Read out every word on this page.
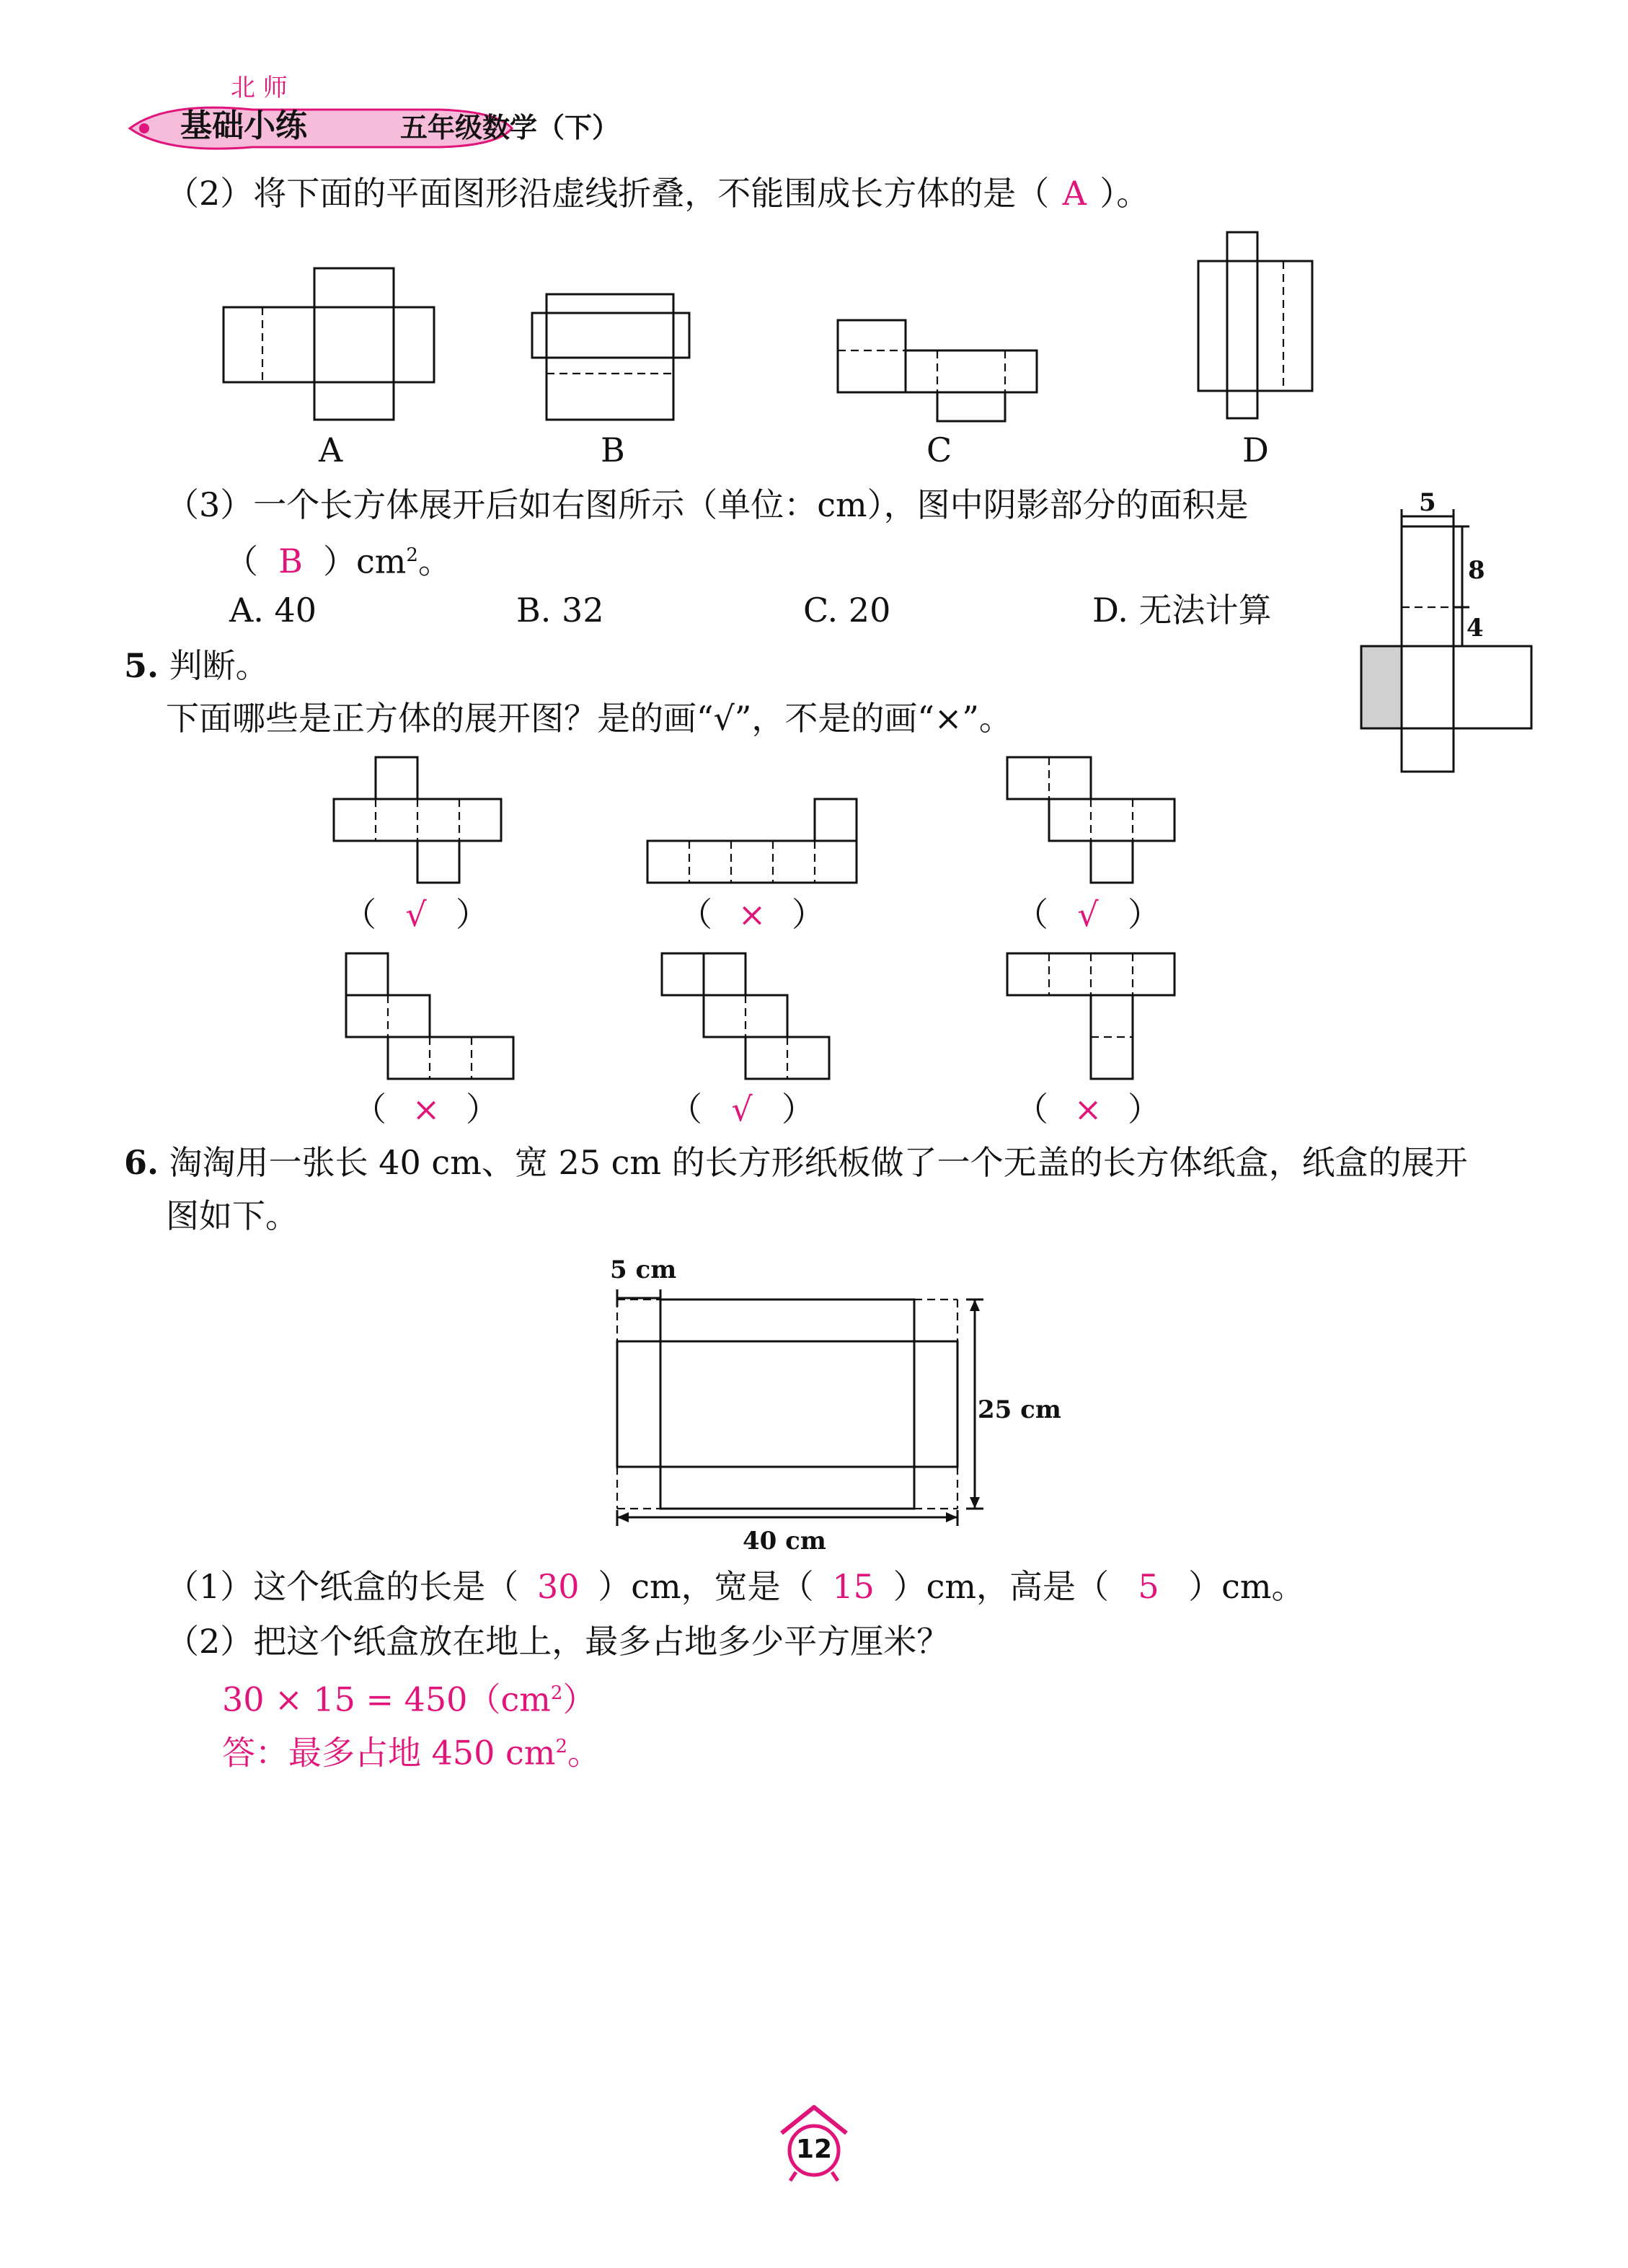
北 师
基础小练	五年级数学（下）
（2）将下面的平面图形沿虚线折叠，不能围成长方体的是（ A ）。
A	B	C	D
（3）一个长方体展开后如右图所示（单位：cm），图中阴影部分的面积是
（ B ）$cm^2$。
A. 40	B. 32	C. 20	D. 无法计算
5
8
4
5. 判断。
下面哪些是正方体的展开图？是的画“√”，不是的画“×”。
（ √ ）	（ × ）	（ √ ）
（ × ）	（ √ ）	（ × ）
6. 淘淘用一张长 40 cm、宽 25 cm 的长方形纸板做了一个无盖的长方体纸盒，纸盒的展开
图如下。
5 cm
25 cm
40 cm
（1）这个纸盒的长是（ 30 ）cm，宽是（ 15 ）cm，高是（ 5 ）cm。
（2）把这个纸盒放在地上，最多占地多少平方厘米？
$30 \times 15 = 450(cm^2)$
答：最多占地 450 $cm^2$。
12
